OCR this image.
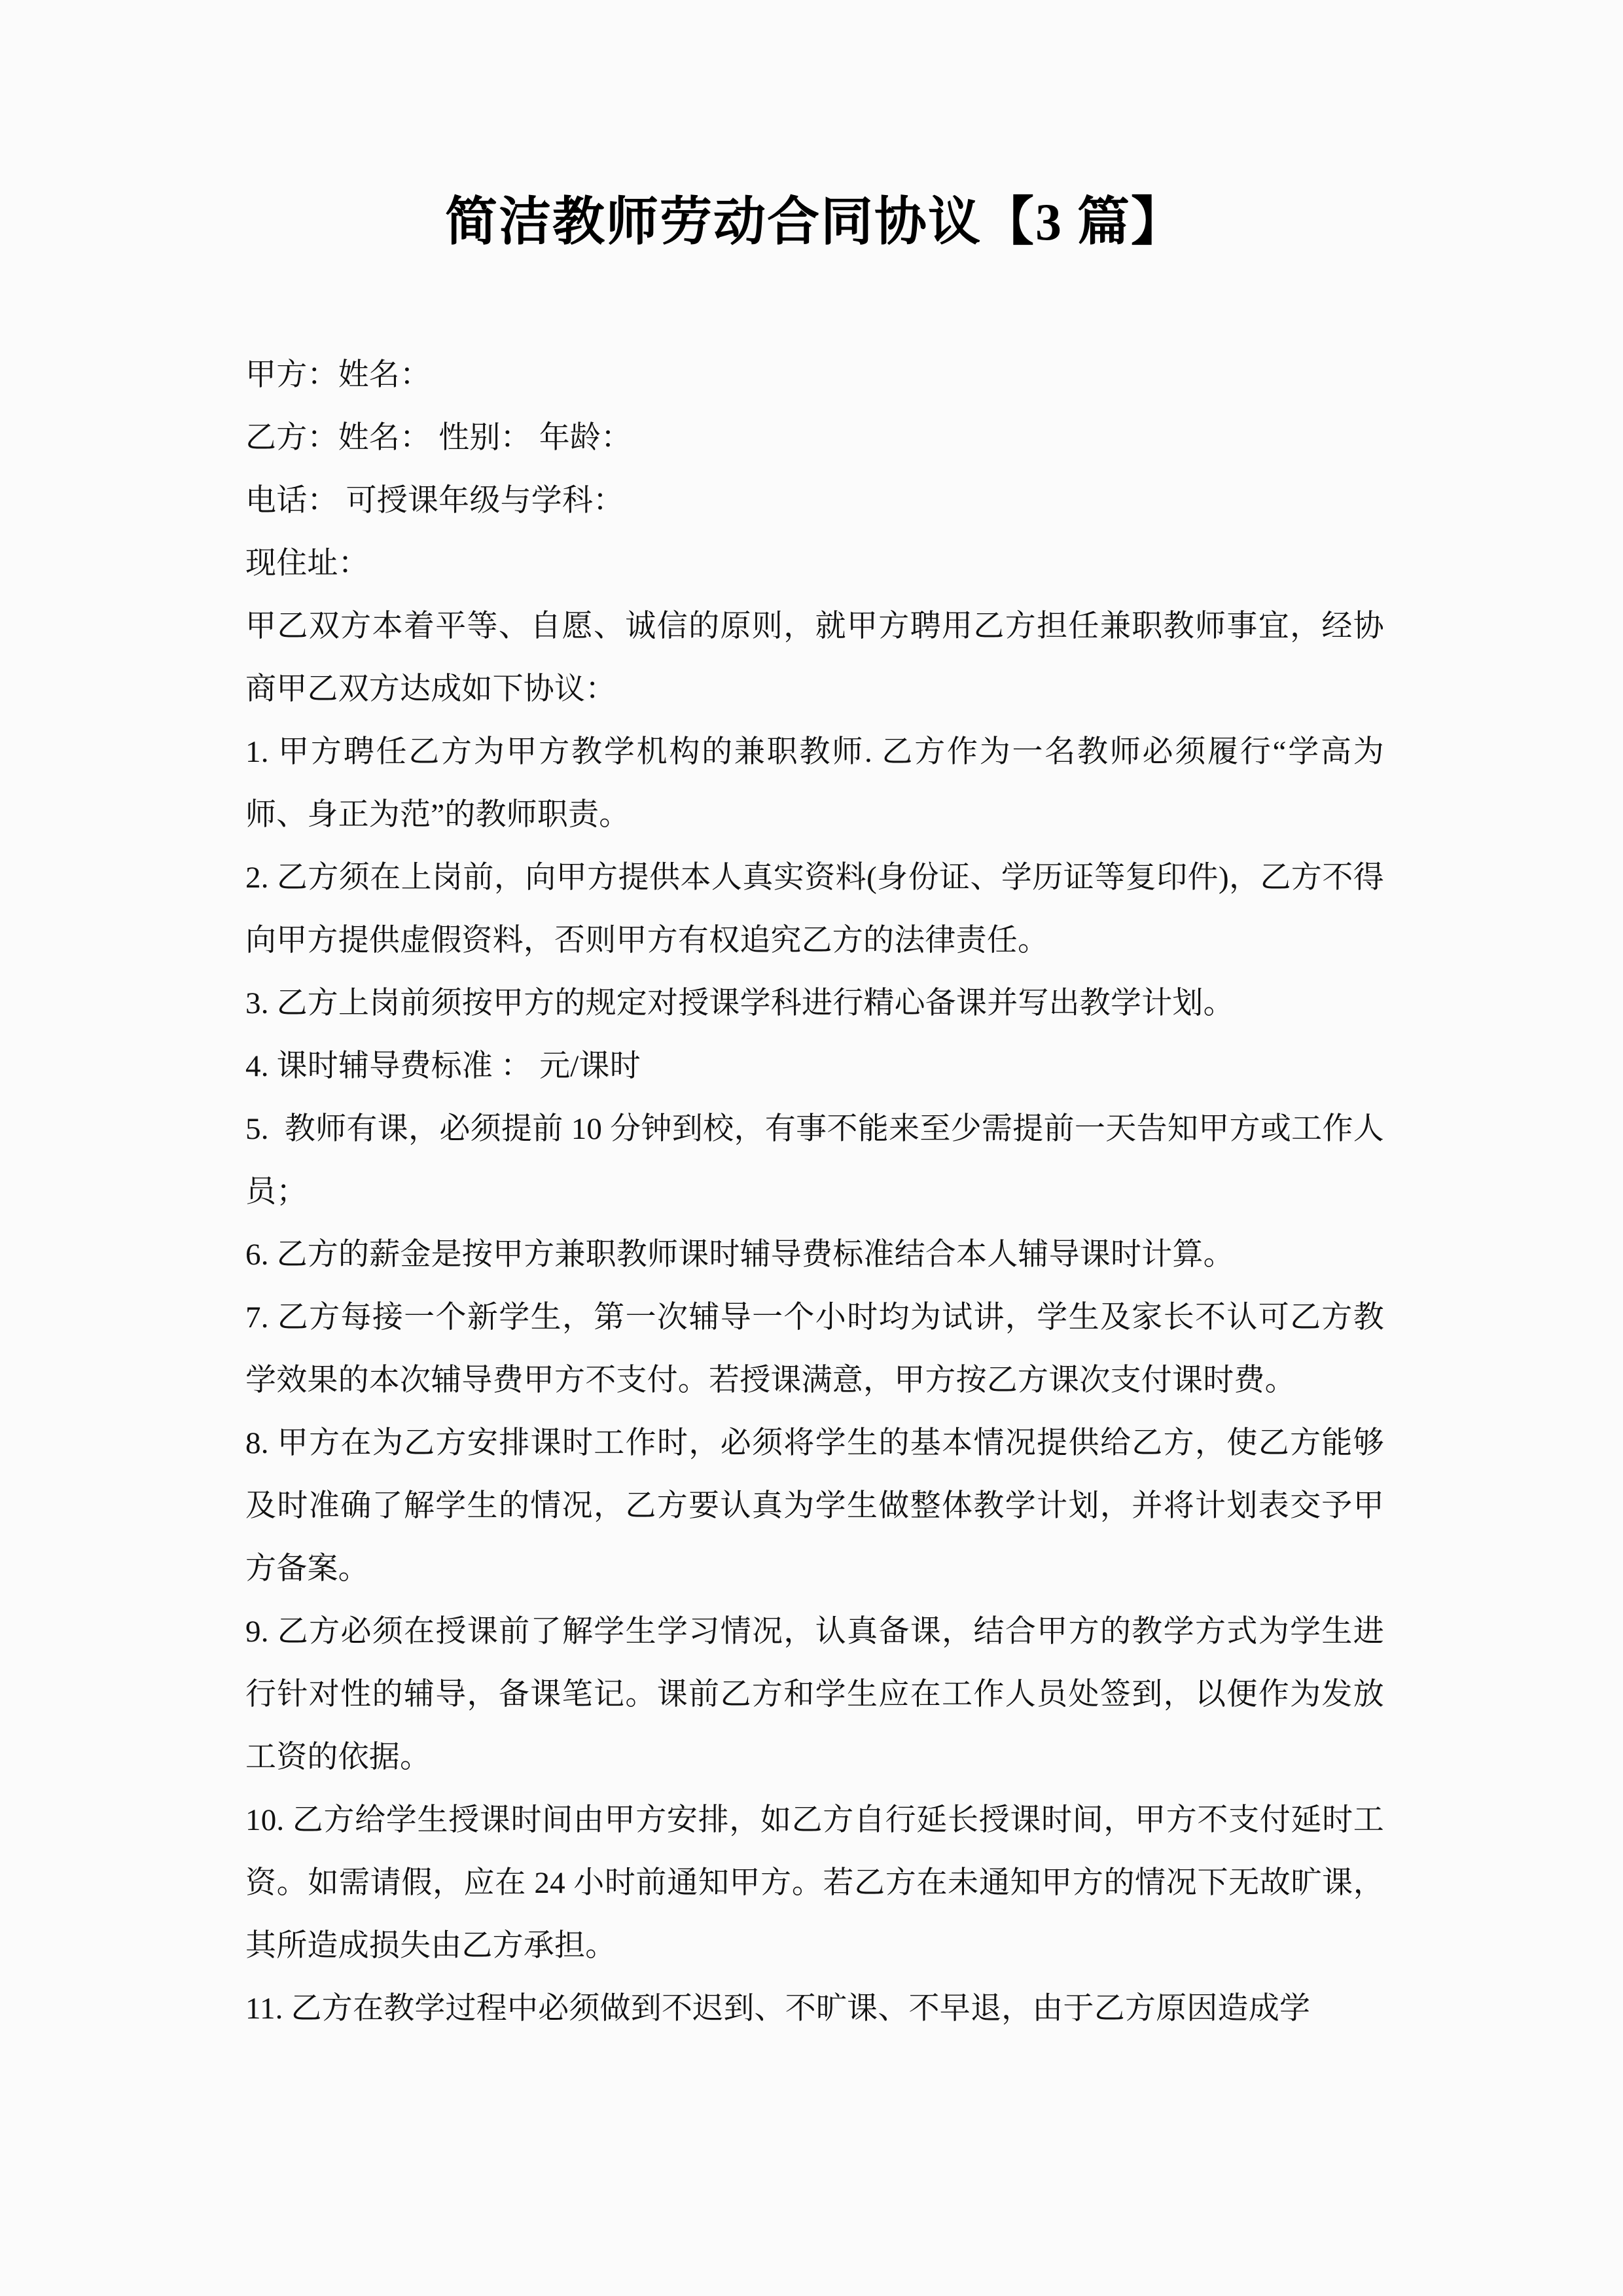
简洁教师劳动合同协议【3 篇】

甲方：姓名：

乙方：姓名： 性别： 年龄：

电话： 可授课年级与学科：

现住址：

甲乙双方本着平等、自愿、诚信的原则，就甲方聘用乙方担任兼职教师事宜，经协商甲乙双方达成如下协议：

1. 甲方聘任乙方为甲方教学机构的兼职教师. 乙方作为一名教师必须履行“学高为师、身正为范”的教师职责。

2. 乙方须在上岗前，向甲方提供本人真实资料(身份证、学历证等复印件)，乙方不得向甲方提供虚假资料，否则甲方有权追究乙方的法律责任。

3. 乙方上岗前须按甲方的规定对授课学科进行精心备课并写出教学计划。

4. 课时辅导费标准 ： 元/课时

5.  教师有课，必须提前 10 分钟到校，有事不能来至少需提前一天告知甲方或工作人员；

6. 乙方的薪金是按甲方兼职教师课时辅导费标准结合本人辅导课时计算。

7. 乙方每接一个新学生，第一次辅导一个小时均为试讲，学生及家长不认可乙方教学效果的本次辅导费甲方不支付。若授课满意，甲方按乙方课次支付课时费。

8. 甲方在为乙方安排课时工作时，必须将学生的基本情况提供给乙方，使乙方能够及时准确了解学生的情况，乙方要认真为学生做整体教学计划，并将计划表交予甲方备案。

9. 乙方必须在授课前了解学生学习情况，认真备课，结合甲方的教学方式为学生进行针对性的辅导，备课笔记。课前乙方和学生应在工作人员处签到，以便作为发放工资的依据。

10. 乙方给学生授课时间由甲方安排，如乙方自行延长授课时间，甲方不支付延时工资。如需请假，应在 24 小时前通知甲方。若乙方在未通知甲方的情况下无故旷课，其所造成损失由乙方承担。

11. 乙方在教学过程中必须做到不迟到、不旷课、不早退，由于乙方原因造成学
